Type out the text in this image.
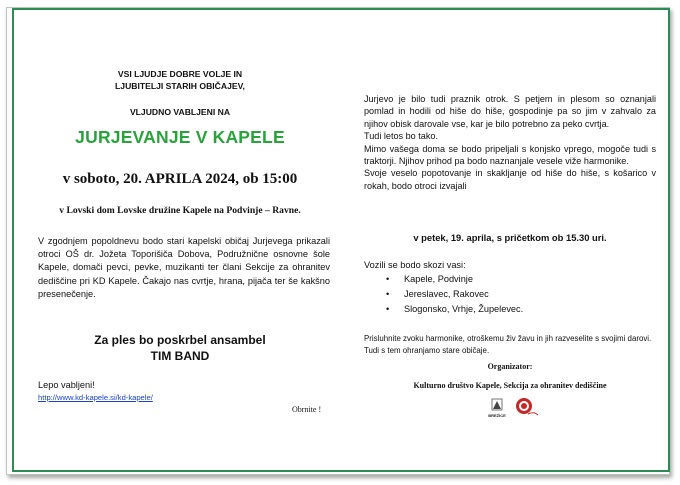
VSI LJUDJE DOBRE VOLJE IN
LJUBITELJI STARIH OBIČAJEV,
VLJUDNO VABLJENI NA
JURJEVANJE V KAPELE
v soboto, 20. APRILA 2024, ob 15:00
v Lovski dom Lovske družine Kapele na Podvinje – Ravne.
V zgodnjem popoldnevu bodo stari kapelski običaj Jurjevega prikazali otroci OŠ dr. Jožeta Toporišiča Dobova, Podružnične osnovne šole Kapele, domači pevci, pevke, muzikanti ter člani Sekcije za ohranitev dediščine pri KD Kapele. Čakajo nas cvrtje, hrana, pijača ter še kakšno presenečenje.
Za ples bo poskrbel ansambel
TIM BAND
Lepo vabljeni!
http://www.kd-kapele.si/kd-kapele/
Obrnite !

Jurjevo je bilo tudi praznik otrok. S petjem in plesom so oznanjali pomlad in hodili od hiše do hiše, gospodinje pa so jim v zahvalo za njihov obisk darovale vse, kar je bilo potrebno za peko cvrtja.

Tudi letos bo tako.

Mimo vašega doma se bodo pripeljali s konjsko vprego, mogoče tudi s traktorji. Njihov prihod pa bodo naznanjale vesele viže harmonike.

Svoje veselo popotovanje in skakljanje od hiše do hiše, s košarico v rokah, bodo otroci izvajali

v petek, 19. aprila, s pričetkom ob 15.30 uri.
Vozili se bodo skozi vasi:
• Kapele, Podvinje
• Jereslavec, Rakovec
• Slogonsko, Vrhje, Župelevec.
Prisluhnite zvoku harmonike, otroškemu živ žavu in jih razveselite s svojimi darovi. Tudi s tem ohranjamo stare običaje.
Organizator:
Kulturno društvo Kapele, Sekcija za ohranitev dediščine
BREŽICE
